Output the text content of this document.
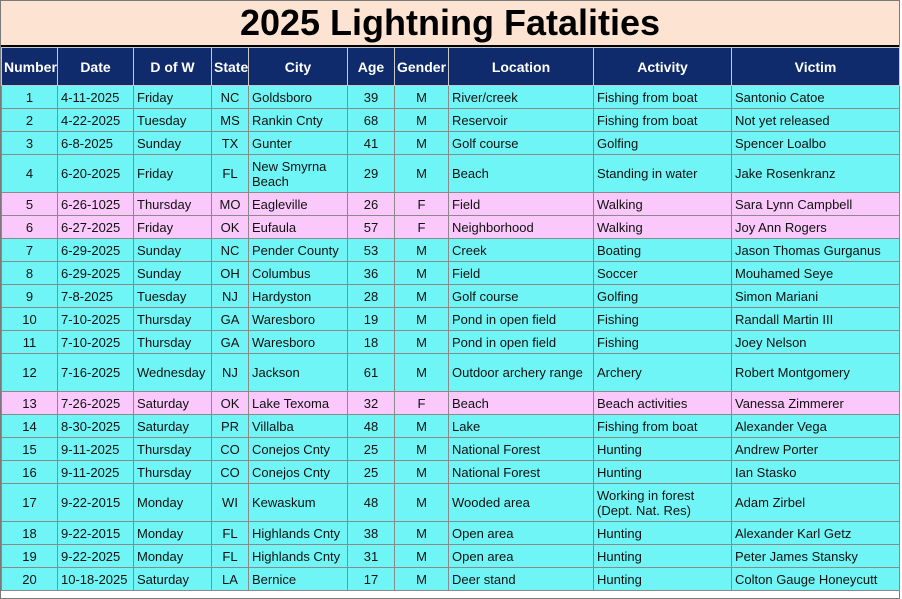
2025 Lightning Fatalities
Number	Date	D of W	State	City	Age	Gender	Location	Activity	Victim
1	4-11-2025	Friday	NC	Goldsboro	39	M	River/creek	Fishing from boat	Santonio Catoe
2	4-22-2025	Tuesday	MS	Rankin Cnty	68	M	Reservoir	Fishing from boat	Not yet released
3	6-8-2025	Sunday	TX	Gunter	41	M	Golf course	Golfing	Spencer Loalbo
4	6-20-2025	Friday	FL	New Smyrna Beach	29	M	Beach	Standing in water	Jake Rosenkranz
5	6-26-1025	Thursday	MO	Eagleville	26	F	Field	Walking	Sara Lynn Campbell
6	6-27-2025	Friday	OK	Eufaula	57	F	Neighborhood	Walking	Joy Ann Rogers
7	6-29-2025	Sunday	NC	Pender County	53	M	Creek	Boating	Jason Thomas Gurganus
8	6-29-2025	Sunday	OH	Columbus	36	M	Field	Soccer	Mouhamed Seye
9	7-8-2025	Tuesday	NJ	Hardyston	28	M	Golf course	Golfing	Simon Mariani
10	7-10-2025	Thursday	GA	Waresboro	19	M	Pond in open field	Fishing	Randall Martin III
11	7-10-2025	Thursday	GA	Waresboro	18	M	Pond in open field	Fishing	Joey Nelson
12	7-16-2025	Wednesday	NJ	Jackson	61	M	Outdoor archery range	Archery	Robert Montgomery
13	7-26-2025	Saturday	OK	Lake Texoma	32	F	Beach	Beach activities	Vanessa Zimmerer
14	8-30-2025	Saturday	PR	Villalba	48	M	Lake	Fishing from boat	Alexander Vega
15	9-11-2025	Thursday	CO	Conejos Cnty	25	M	National Forest	Hunting	Andrew Porter
16	9-11-2025	Thursday	CO	Conejos Cnty	25	M	National Forest	Hunting	Ian Stasko
17	9-22-2015	Monday	WI	Kewaskum	48	M	Wooded area	Working in forest (Dept. Nat. Res)	Adam Zirbel
18	9-22-2015	Monday	FL	Highlands Cnty	38	M	Open area	Hunting	Alexander Karl Getz
19	9-22-2025	Monday	FL	Highlands Cnty	31	M	Open area	Hunting	Peter James Stansky
20	10-18-2025	Saturday	LA	Bernice	17	M	Deer stand	Hunting	Colton Gauge Honeycutt
